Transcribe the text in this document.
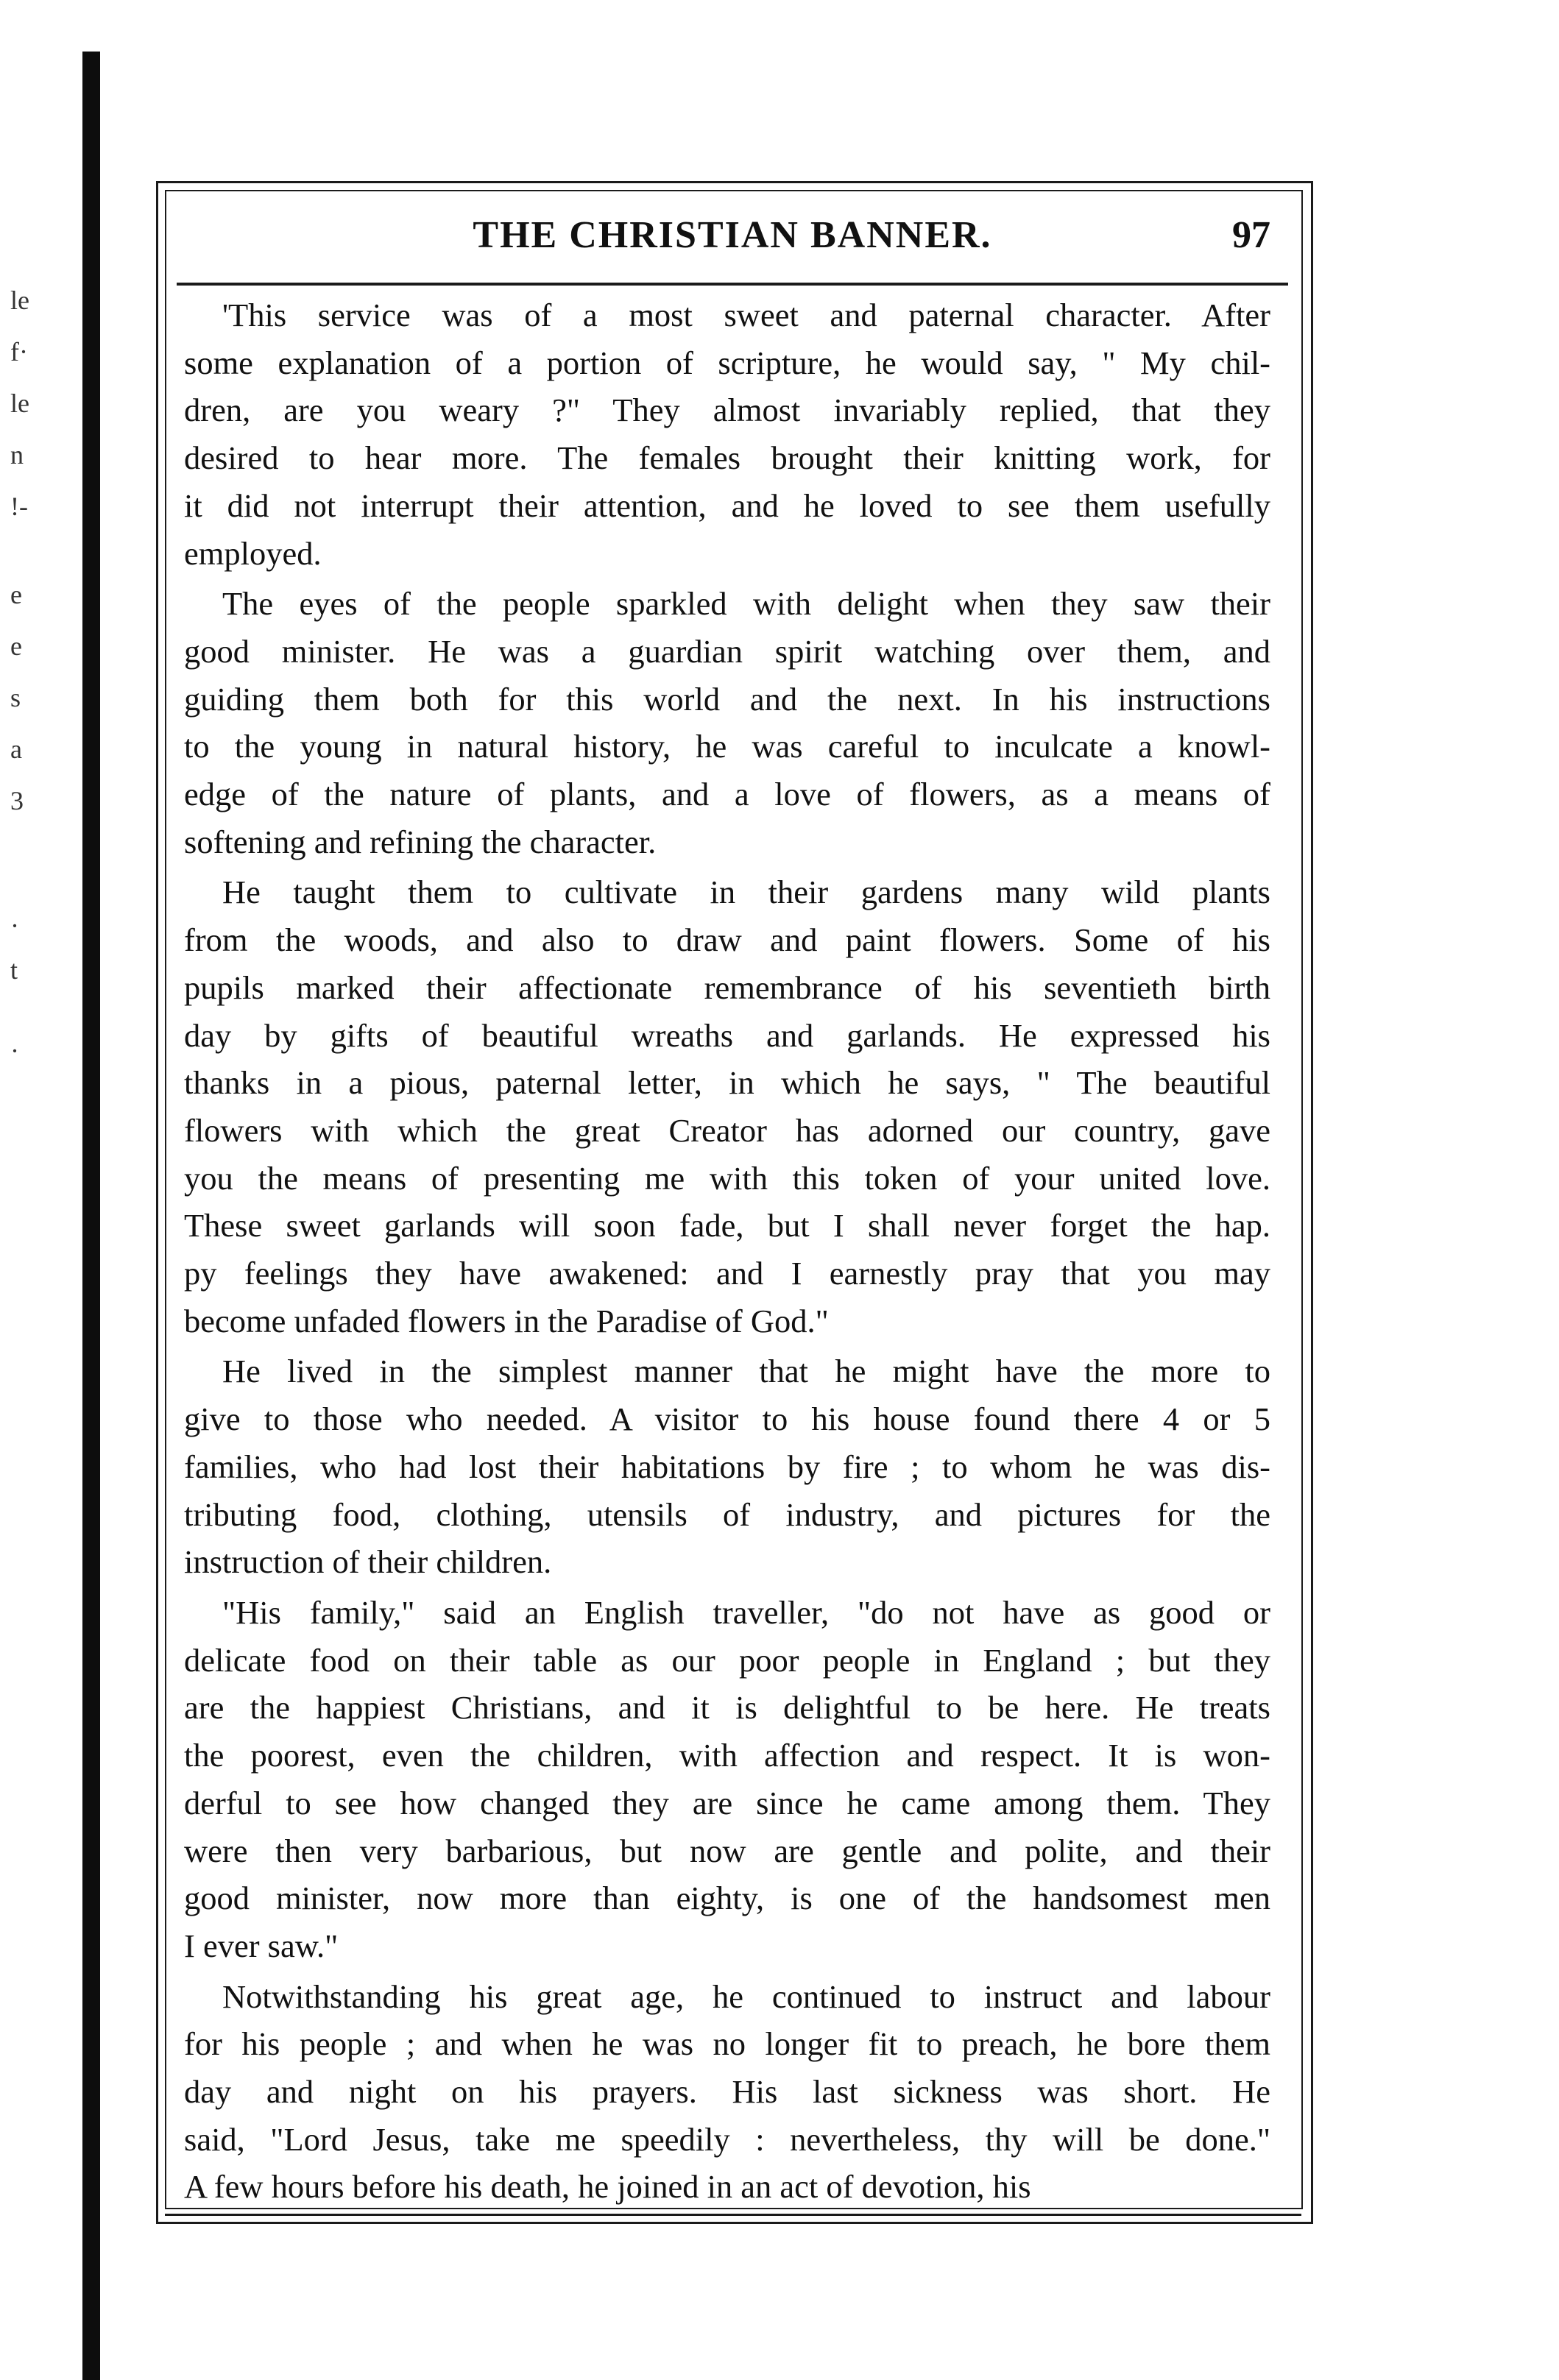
le
f·
le
n
!-
e
e
s
a
3
·
t
·
THE CHRISTIAN BANNER.	97

'This service was of a most sweet and paternal character. After
some explanation of a portion of scripture, he would say, " My chil-
dren, are you weary ?" They almost invariably replied, that they
desired to hear more. The females brought their knitting work, for
it did not interrupt their attention, and he loved to see them usefully
employed.

The eyes of the people sparkled with delight when they saw their
good minister. He was a guardian spirit watching over them, and
guiding them both for this world and the next. In his instructions
to the young in natural history, he was careful to inculcate a knowl-
edge of the nature of plants, and a love of flowers, as a means of
softening and refining the character.

He taught them to cultivate in their gardens many wild plants
from the woods, and also to draw and paint flowers. Some of his
pupils marked their affectionate remembrance of his seventieth birth
day by gifts of beautiful wreaths and garlands. He expressed his
thanks in a pious, paternal letter, in which he says, " The beautiful
flowers with which the great Creator has adorned our country, gave
you the means of presenting me with this token of your united love.
These sweet garlands will soon fade, but I shall never forget the hap.
py feelings they have awakened: and I earnestly pray that you may
become unfaded flowers in the Paradise of God."

He lived in the simplest manner that he might have the more to
give to those who needed. A visitor to his house found there 4 or 5
families, who had lost their habitations by fire ; to whom he was dis-
tributing food, clothing, utensils of industry, and pictures for the
instruction of their children.

"His family," said an English traveller, "do not have as good or
delicate food on their table as our poor people in England ; but they
are the happiest Christians, and it is delightful to be here. He treats
the poorest, even the children, with affection and respect. It is won-
derful to see how changed they are since he came among them. They
were then very barbarious, but now are gentle and polite, and their
good minister, now more than eighty, is one of the handsomest men
I ever saw."

Notwithstanding his great age, he continued to instruct and labour
for his people ; and when he was no longer fit to preach, he bore them
day and night on his prayers. His last sickness was short. He
said, "Lord Jesus, take me speedily : nevertheless, thy will be done."
A few hours before his death, he joined in an act of devotion, his
